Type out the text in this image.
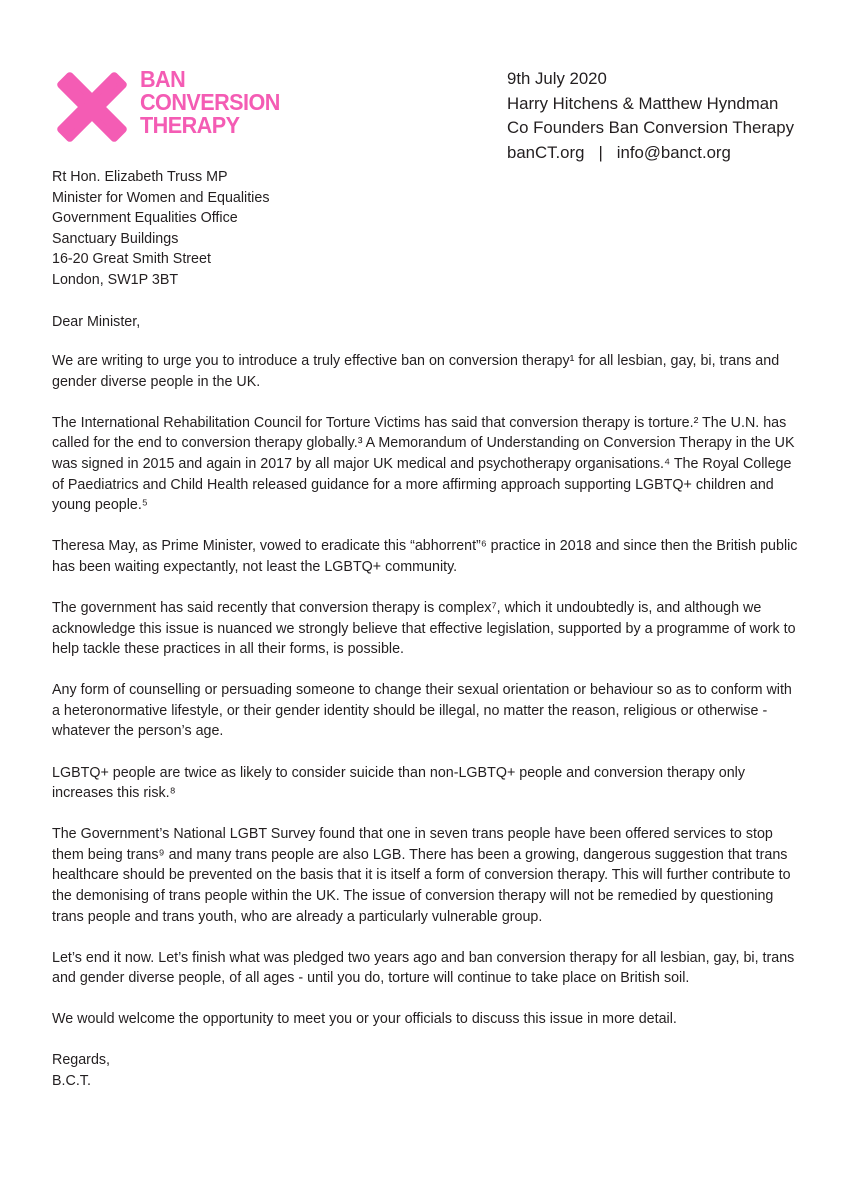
BAN
CONVERSION
THERAPY
9th July 2020
Harry Hitchens & Matthew Hyndman
Co Founders Ban Conversion Therapy
banCT.org | info@banct.org
Rt Hon. Elizabeth Truss MP
Minister for Women and Equalities
Government Equalities Office
Sanctuary Buildings
16-20 Great Smith Street
London, SW1P 3BT

Dear Minister,

We are writing to urge you to introduce a truly effective ban on conversion therapy¹ for all lesbian, gay, bi, trans and gender diverse people in the UK.

The International Rehabilitation Council for Torture Victims has said that conversion therapy is torture.² The U.N. has called for the end to conversion therapy globally.³ A Memorandum of Understanding on Conversion Therapy in the UK was signed in 2015 and again in 2017 by all major UK medical and psychotherapy organisations.⁴ The Royal College of Paediatrics and Child Health released guidance for a more affirming approach supporting LGBTQ+ children and young people.⁵

Theresa May, as Prime Minister, vowed to eradicate this “abhorrent”⁶ practice in 2018 and since then the British public has been waiting expectantly, not least the LGBTQ+ community.

The government has said recently that conversion therapy is complex⁷, which it undoubtedly is, and although we acknowledge this issue is nuanced we strongly believe that effective legislation, supported by a programme of work to help tackle these practices in all their forms, is possible.

Any form of counselling or persuading someone to change their sexual orientation or behaviour so as to conform with a heteronormative lifestyle, or their gender identity should be illegal, no matter the reason, religious or otherwise - whatever the person’s age.

LGBTQ+ people are twice as likely to consider suicide than non-LGBTQ+ people and conversion therapy only increases this risk.⁸

The Government’s National LGBT Survey found that one in seven trans people have been offered services to stop them being trans⁹ and many trans people are also LGB. There has been a growing, dangerous suggestion that trans healthcare should be prevented on the basis that it is itself a form of conversion therapy. This will further contribute to the demonising of trans people within the UK. The issue of conversion therapy will not be remedied by questioning trans people and trans youth, who are already a particularly vulnerable group.

Let’s end it now. Let’s finish what was pledged two years ago and ban conversion therapy for all lesbian, gay, bi, trans and gender diverse people, of all ages - until you do, torture will continue to take place on British soil.

We would welcome the opportunity to meet you or your officials to discuss this issue in more detail.

Regards,
B.C.T.
